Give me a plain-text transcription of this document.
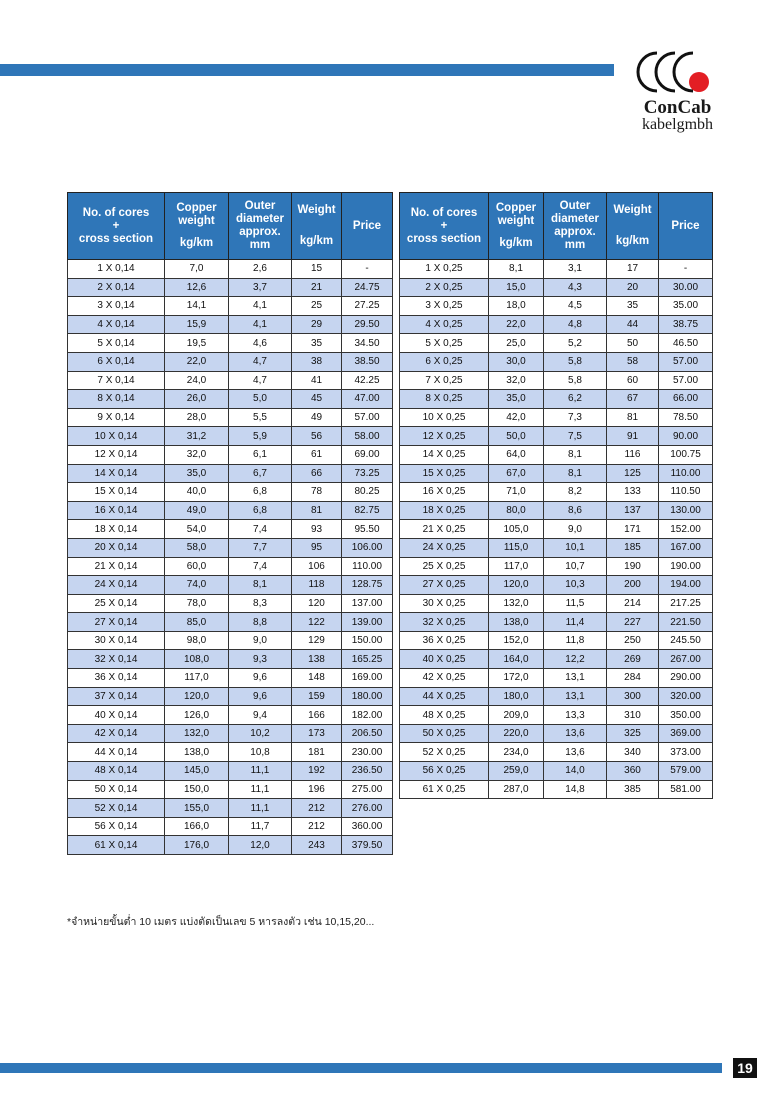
ConCab
kabelgmbh
No. of cores
+
cross section	Copper
weight
kg/km	Outer
diameter
approx.
mm	Weight
kg/km	Price

1 X 0,14	7,0	2,6	15	-
2 X 0,14	12,6	3,7	21	24.75
3 X 0,14	14,1	4,1	25	27.25
4 X 0,14	15,9	4,1	29	29.50
5 X 0,14	19,5	4,6	35	34.50
6 X 0,14	22,0	4,7	38	38.50
7 X 0,14	24,0	4,7	41	42.25
8 X 0,14	26,0	5,0	45	47.00
9 X 0,14	28,0	5,5	49	57.00
10 X 0,14	31,2	5,9	56	58.00
12 X 0,14	32,0	6,1	61	69.00
14 X 0,14	35,0	6,7	66	73.25
15 X 0,14	40,0	6,8	78	80.25
16 X 0,14	49,0	6,8	81	82.75
18 X 0,14	54,0	7,4	93	95.50
20 X 0,14	58,0	7,7	95	106.00
21 X 0,14	60,0	7,4	106	110.00
24 X 0,14	74,0	8,1	118	128.75
25 X 0,14	78,0	8,3	120	137.00
27 X 0,14	85,0	8,8	122	139.00
30 X 0,14	98,0	9,0	129	150.00
32 X 0,14	108,0	9,3	138	165.25
36 X 0,14	117,0	9,6	148	169.00
37 X 0,14	120,0	9,6	159	180.00
40 X 0,14	126,0	9,4	166	182.00
42 X 0,14	132,0	10,2	173	206.50
44 X 0,14	138,0	10,8	181	230.00
48 X 0,14	145,0	11,1	192	236.50
50 X 0,14	150,0	11,1	196	275.00
52 X 0,14	155,0	11,1	212	276.00
56 X 0,14	166,0	11,7	212	360.00
61 X 0,14	176,0	12,0	243	379.50
No. of cores
+
cross section	Copper
weight
kg/km	Outer
diameter
approx.
mm	Weight
kg/km	Price

1 X 0,25	8,1	3,1	17	-
2 X 0,25	15,0	4,3	20	30.00
3 X 0,25	18,0	4,5	35	35.00
4 X 0,25	22,0	4,8	44	38.75
5 X 0,25	25,0	5,2	50	46.50
6 X 0,25	30,0	5,8	58	57.00
7 X 0,25	32,0	5,8	60	57.00
8 X 0,25	35,0	6,2	67	66.00
10 X 0,25	42,0	7,3	81	78.50
12 X 0,25	50,0	7,5	91	90.00
14 X 0,25	64,0	8,1	116	100.75
15 X 0,25	67,0	8,1	125	110.00
16 X 0,25	71,0	8,2	133	110.50
18 X 0,25	80,0	8,6	137	130.00
21 X 0,25	105,0	9,0	171	152.00
24 X 0,25	115,0	10,1	185	167.00
25 X 0,25	117,0	10,7	190	190.00
27 X 0,25	120,0	10,3	200	194.00
30 X 0,25	132,0	11,5	214	217.25
32 X 0,25	138,0	11,4	227	221.50
36 X 0,25	152,0	11,8	250	245.50
40 X 0,25	164,0	12,2	269	267.00
42 X 0,25	172,0	13,1	284	290.00
44 X 0,25	180,0	13,1	300	320.00
48 X 0,25	209,0	13,3	310	350.00
50 X 0,25	220,0	13,6	325	369.00
52 X 0,25	234,0	13,6	340	373.00
56 X 0,25	259,0	14,0	360	579.00
61 X 0,25	287,0	14,8	385	581.00
*จำหน่ายขั้นต่ำ 10 เมตร แบ่งตัดเป็นเลข 5 หารลงตัว เช่น 10,15,20...
19
